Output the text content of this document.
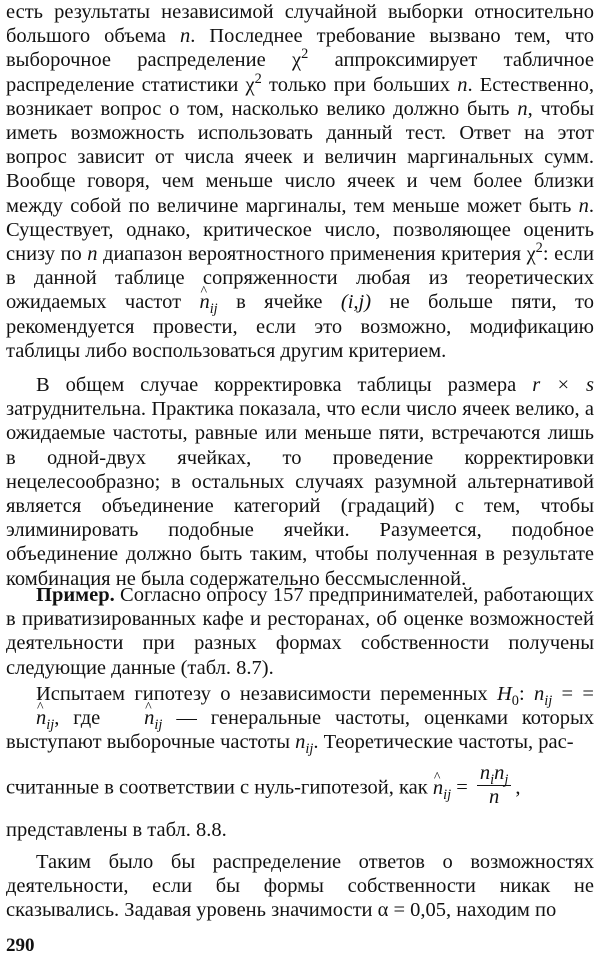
есть результаты независимой случайной выборки относительно большого объема n. Последнее требование вызвано тем, что выборочное распределение $\chi^2$ аппроксимирует табличное распределение статистики $\chi^2$ только при больших n. Естественно, возникает вопрос о том, насколько велико должно быть n, чтобы иметь возможность использовать данный тест. Ответ на этот вопрос зависит от числа ячеек и величин маргинальных сумм. Вообще говоря, чем меньше число ячеек и чем более близки между собой по величине маргиналы, тем меньше может быть n. Существует, однако, критическое число, позволяющее оценить снизу по n диапазон вероятностного применения критерия $\chi^2$: если в данной таблице сопряженности любая из теоретических ожидаемых частот ^ $n_{ij}$ в ячейке (i,j) не больше пяти, то рекомендуется провести, если это возможно, модификацию таблицы либо воспользоваться другим критерием.

В общем случае корректировка таблицы размера r × s затруднительна. Практика показала, что если число ячеек велико, а ожидаемые частоты, равные или меньше пяти, встречаются лишь в одной-двух ячейках, то проведение корректировки нецелесообразно; в остальных случаях разумной альтернативой является объединение категорий (градаций) с тем, чтобы элиминировать подобные ячейки. Разумеется, подобное объединение должно быть таким, чтобы полученная в результате комбинация не была содержательно бессмысленной.

Пример. Согласно опросу 157 предпринимателей, работающих в приватизированных кафе и ресторанах, об оценке возможностей деятельности при разных формах собственности получены следующие данные (табл. 8.7).

Испытаем гипотезу о независимости переменных $H_0$: $n_{ij}$ = = ^ $n_{ij}$, где ^ $n_{ij}$ — генеральные частоты, оценками которых выступают выборочные частоты $n_{ij}$. Теоретические частоты, рас-

считанные в соответствии с нуль-гипотезой, как ^ $n_{ij} = \frac{n_in_j}{n}$ ,

представлены в табл. 8.8.

Таким было бы распределение ответов о возможностях деятельности, если бы формы собственности никак не сказывались. Задавая уровень значимости α = 0,05, находим по

290
